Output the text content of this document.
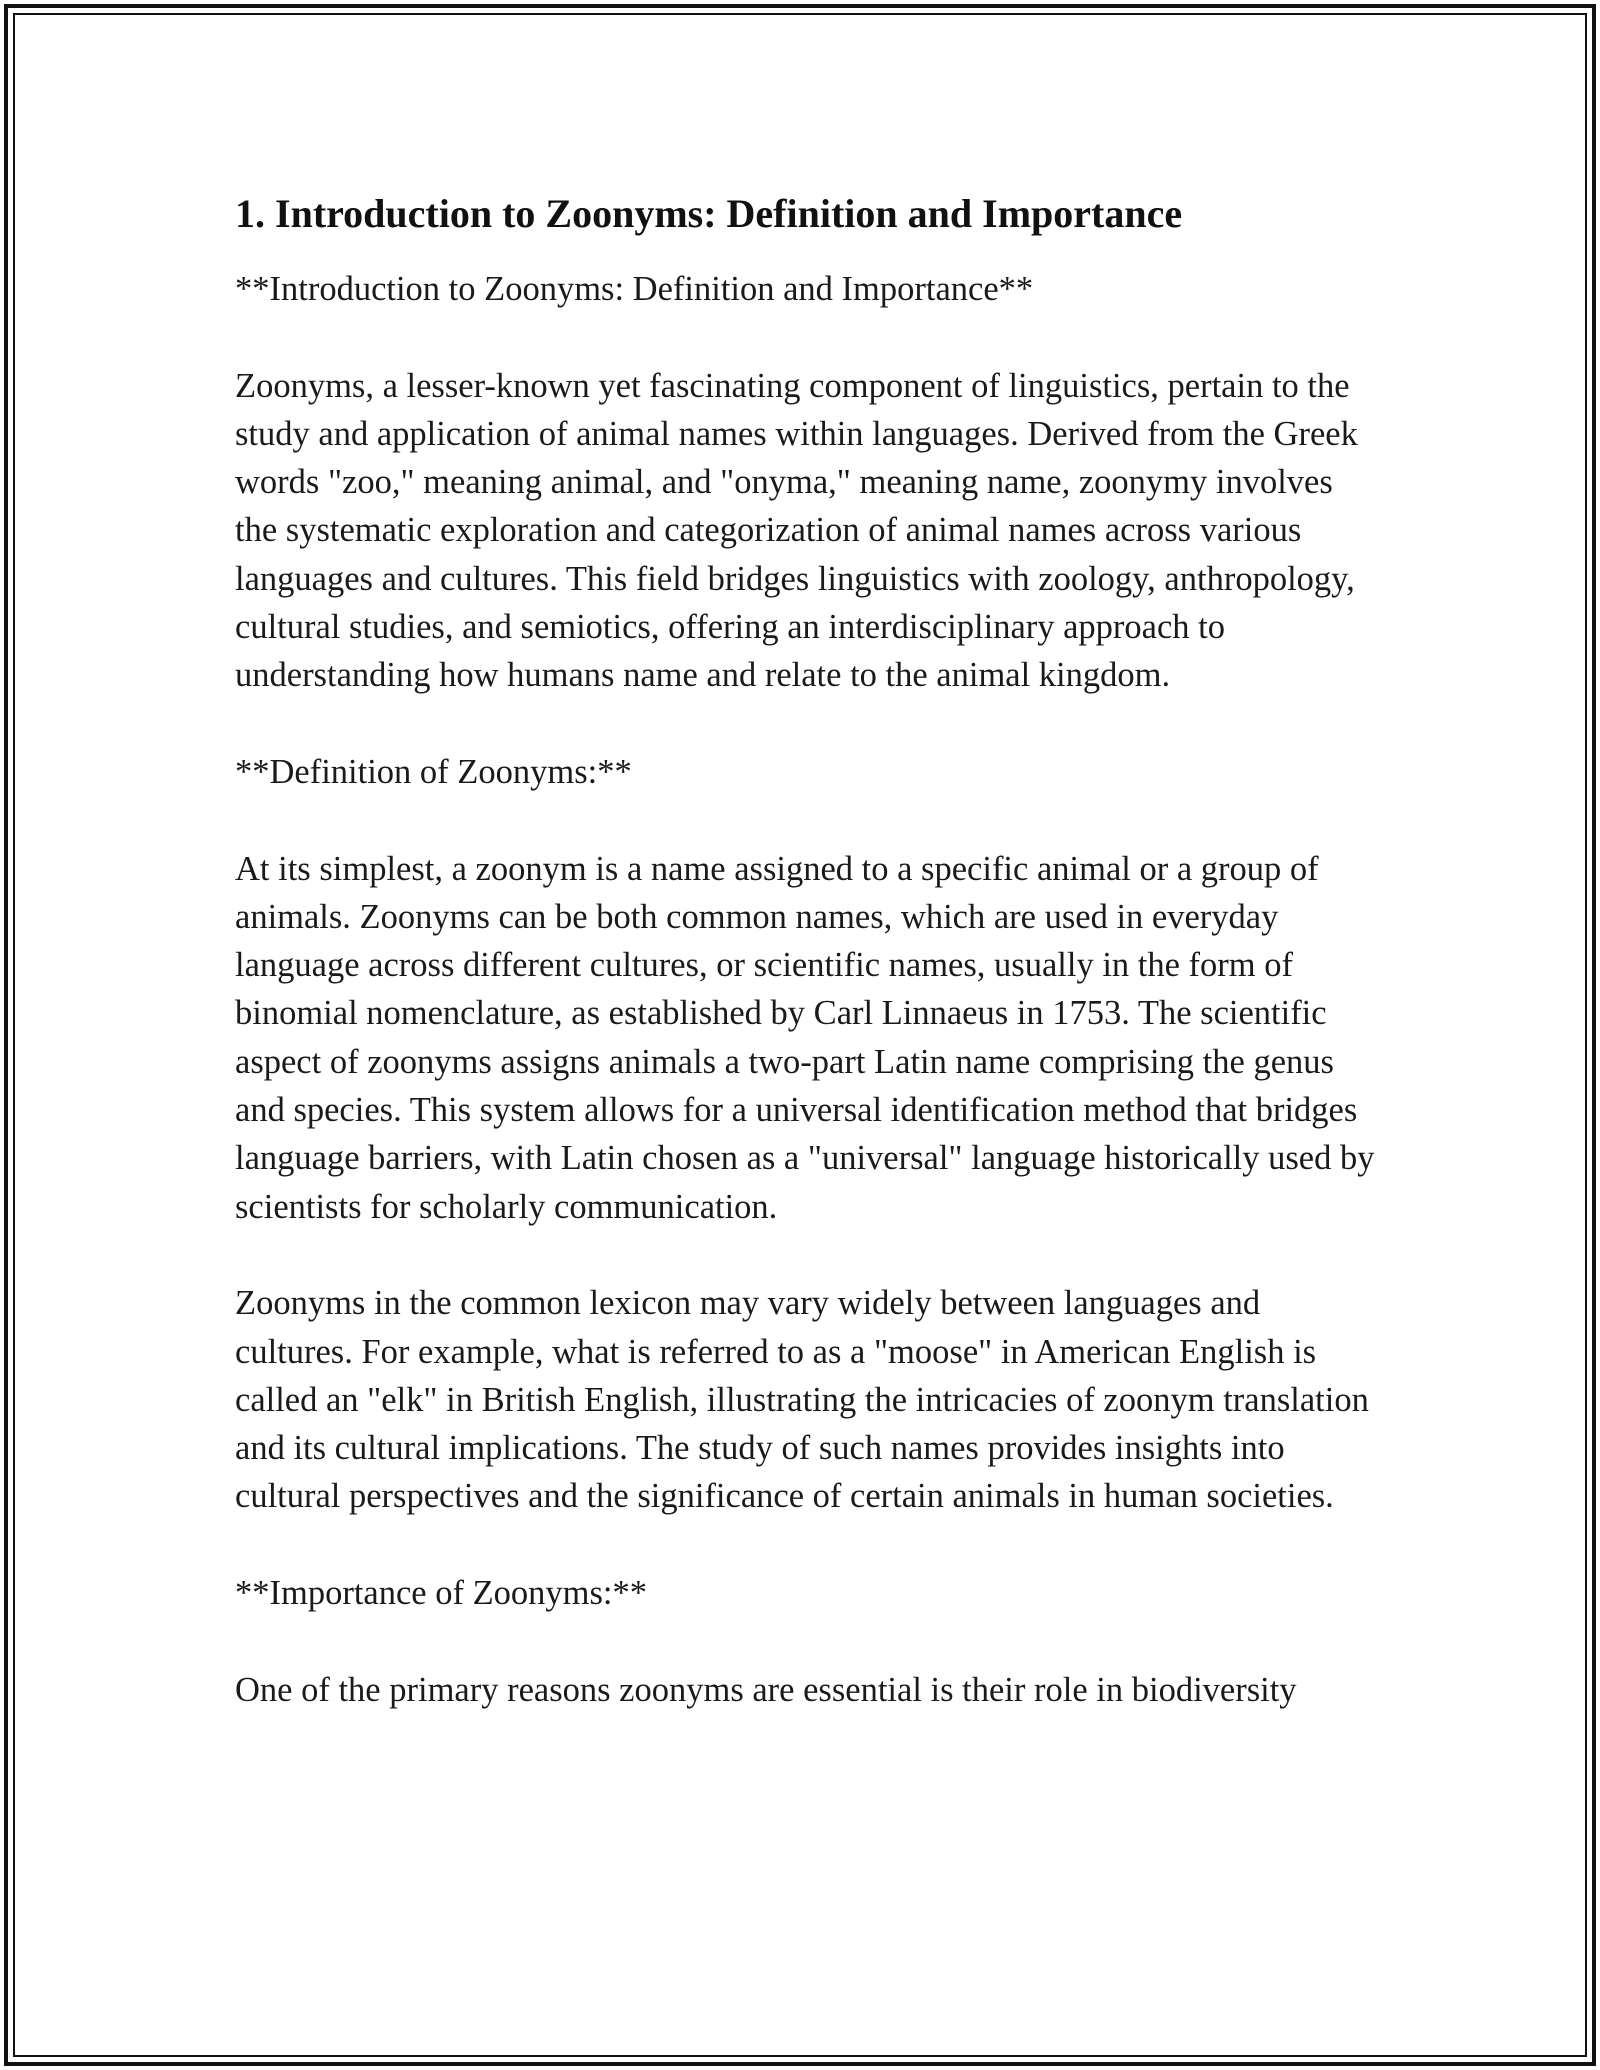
1. Introduction to Zoonyms: Definition and Importance

**Introduction to Zoonyms: Definition and Importance**

Zoonyms, a lesser-known yet fascinating component of linguistics, pertain to the study and application of animal names within languages. Derived from the Greek words "zoo," meaning animal, and "onyma," meaning name, zoonymy involves the systematic exploration and categorization of animal names across various languages and cultures. This field bridges linguistics with zoology, anthropology, cultural studies, and semiotics, offering an interdisciplinary approach to understanding how humans name and relate to the animal kingdom.

**Definition of Zoonyms:**

At its simplest, a zoonym is a name assigned to a specific animal or a group of animals. Zoonyms can be both common names, which are used in everyday language across different cultures, or scientific names, usually in the form of binomial nomenclature, as established by Carl Linnaeus in 1753. The scientific aspect of zoonyms assigns animals a two-part Latin name comprising the genus and species. This system allows for a universal identification method that bridges language barriers, with Latin chosen as a "universal" language historically used by scientists for scholarly communication.

Zoonyms in the common lexicon may vary widely between languages and cultures. For example, what is referred to as a "moose" in American English is called an "elk" in British English, illustrating the intricacies of zoonym translation and its cultural implications. The study of such names provides insights into cultural perspectives and the significance of certain animals in human societies.

**Importance of Zoonyms:**

One of the primary reasons zoonyms are essential is their role in biodiversity
